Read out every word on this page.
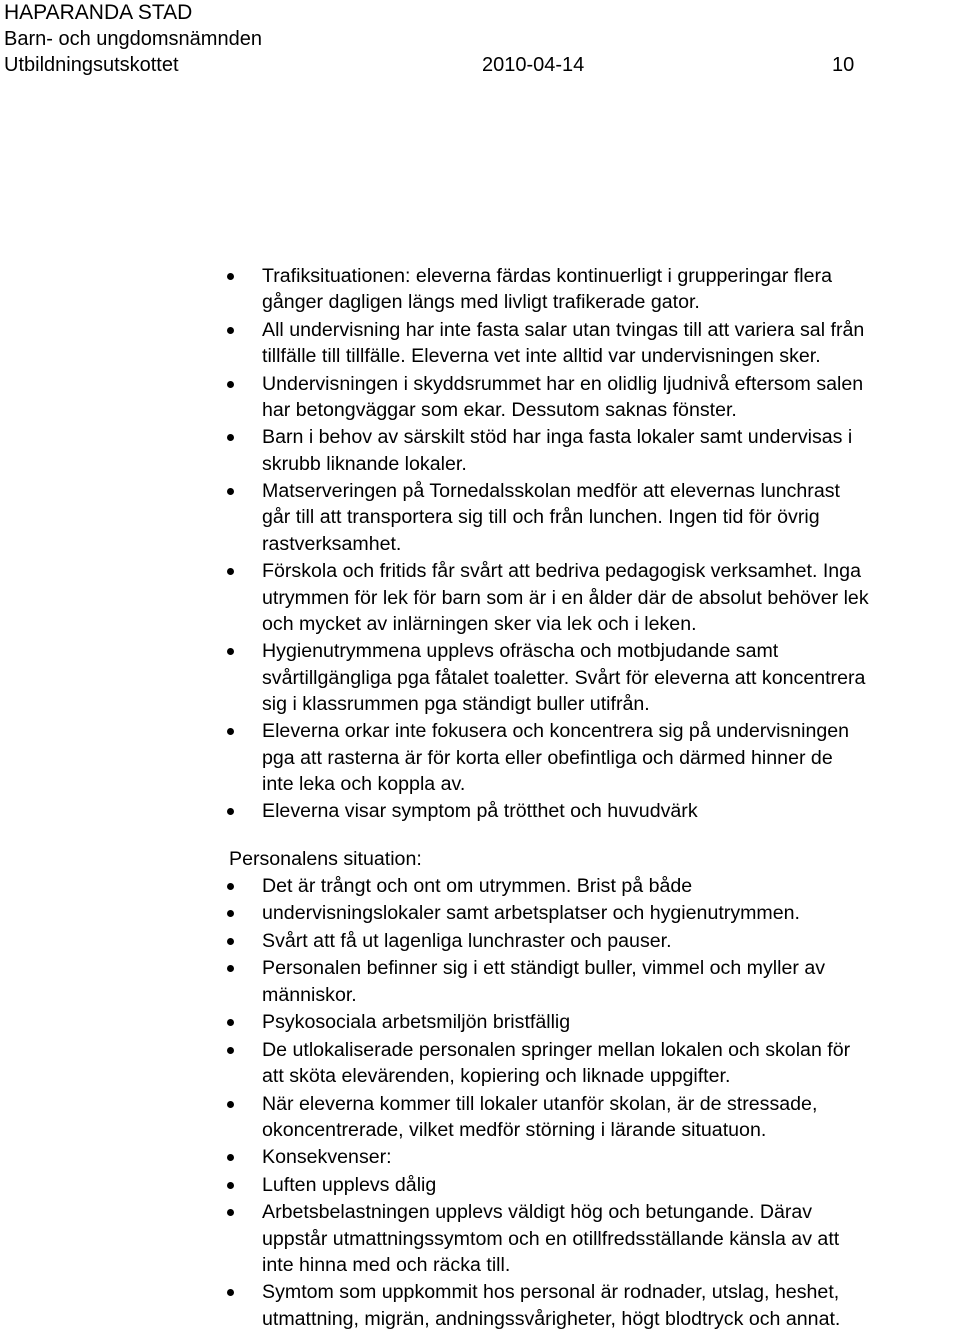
HAPARANDA STAD
Barn- och ungdomsnämnden
Utbildningsutskottet	2010-04-14	10
Trafiksituationen: eleverna färdas kontinuerligt i grupperingar flera
gånger dagligen längs med livligt trafikerade gator.
All undervisning har inte fasta salar utan tvingas till att variera sal från
tillfälle till tillfälle. Eleverna vet inte alltid var undervisningen sker.
Undervisningen i skyddsrummet har en olidlig ljudnivå eftersom salen
har betongväggar som ekar. Dessutom saknas fönster.
Barn i behov av särskilt stöd har inga fasta lokaler samt undervisas i
skrubb liknande lokaler.
Matserveringen på Tornedalsskolan medför att elevernas lunchrast
går till att transportera sig till och från lunchen. Ingen tid för övrig
rastverksamhet.
Förskola och fritids får svårt att bedriva pedagogisk verksamhet. Inga
utrymmen för lek för barn som är i en ålder där de absolut behöver lek
och mycket av inlärningen sker via lek och i leken.
Hygienutrymmena upplevs ofräscha och motbjudande samt
svårtillgängliga pga fåtalet toaletter. Svårt för eleverna att koncentrera
sig i klassrummen pga ständigt buller utifrån.
Eleverna orkar inte fokusera och koncentrera sig på undervisningen
pga att rasterna är för korta eller obefintliga och därmed hinner de
inte leka och koppla av.
Eleverna visar symptom på trötthet och huvudvärk
Personalens situation:
Det är trångt och ont om utrymmen. Brist på både
undervisningslokaler samt arbetsplatser och hygienutrymmen.
Svårt att få ut lagenliga lunchraster och pauser.
Personalen befinner sig i ett ständigt buller, vimmel och myller av
människor.
Psykosociala arbetsmiljön bristfällig
De utlokaliserade personalen springer mellan lokalen och skolan för
att sköta elevärenden, kopiering och liknade uppgifter.
När eleverna kommer till lokaler utanför skolan, är de stressade,
okoncentrerade, vilket medför störning i lärande situatuon.
Konsekvenser:
Luften upplevs dålig
Arbetsbelastningen upplevs väldigt hög och betungande. Därav
uppstår utmattningssymtom och en otillfredsställande känsla av att
inte hinna med och räcka till.
Symtom som uppkommit hos personal är rodnader, utslag, heshet,
utmattning, migrän, andningssvårigheter, högt blodtryck och annat.
